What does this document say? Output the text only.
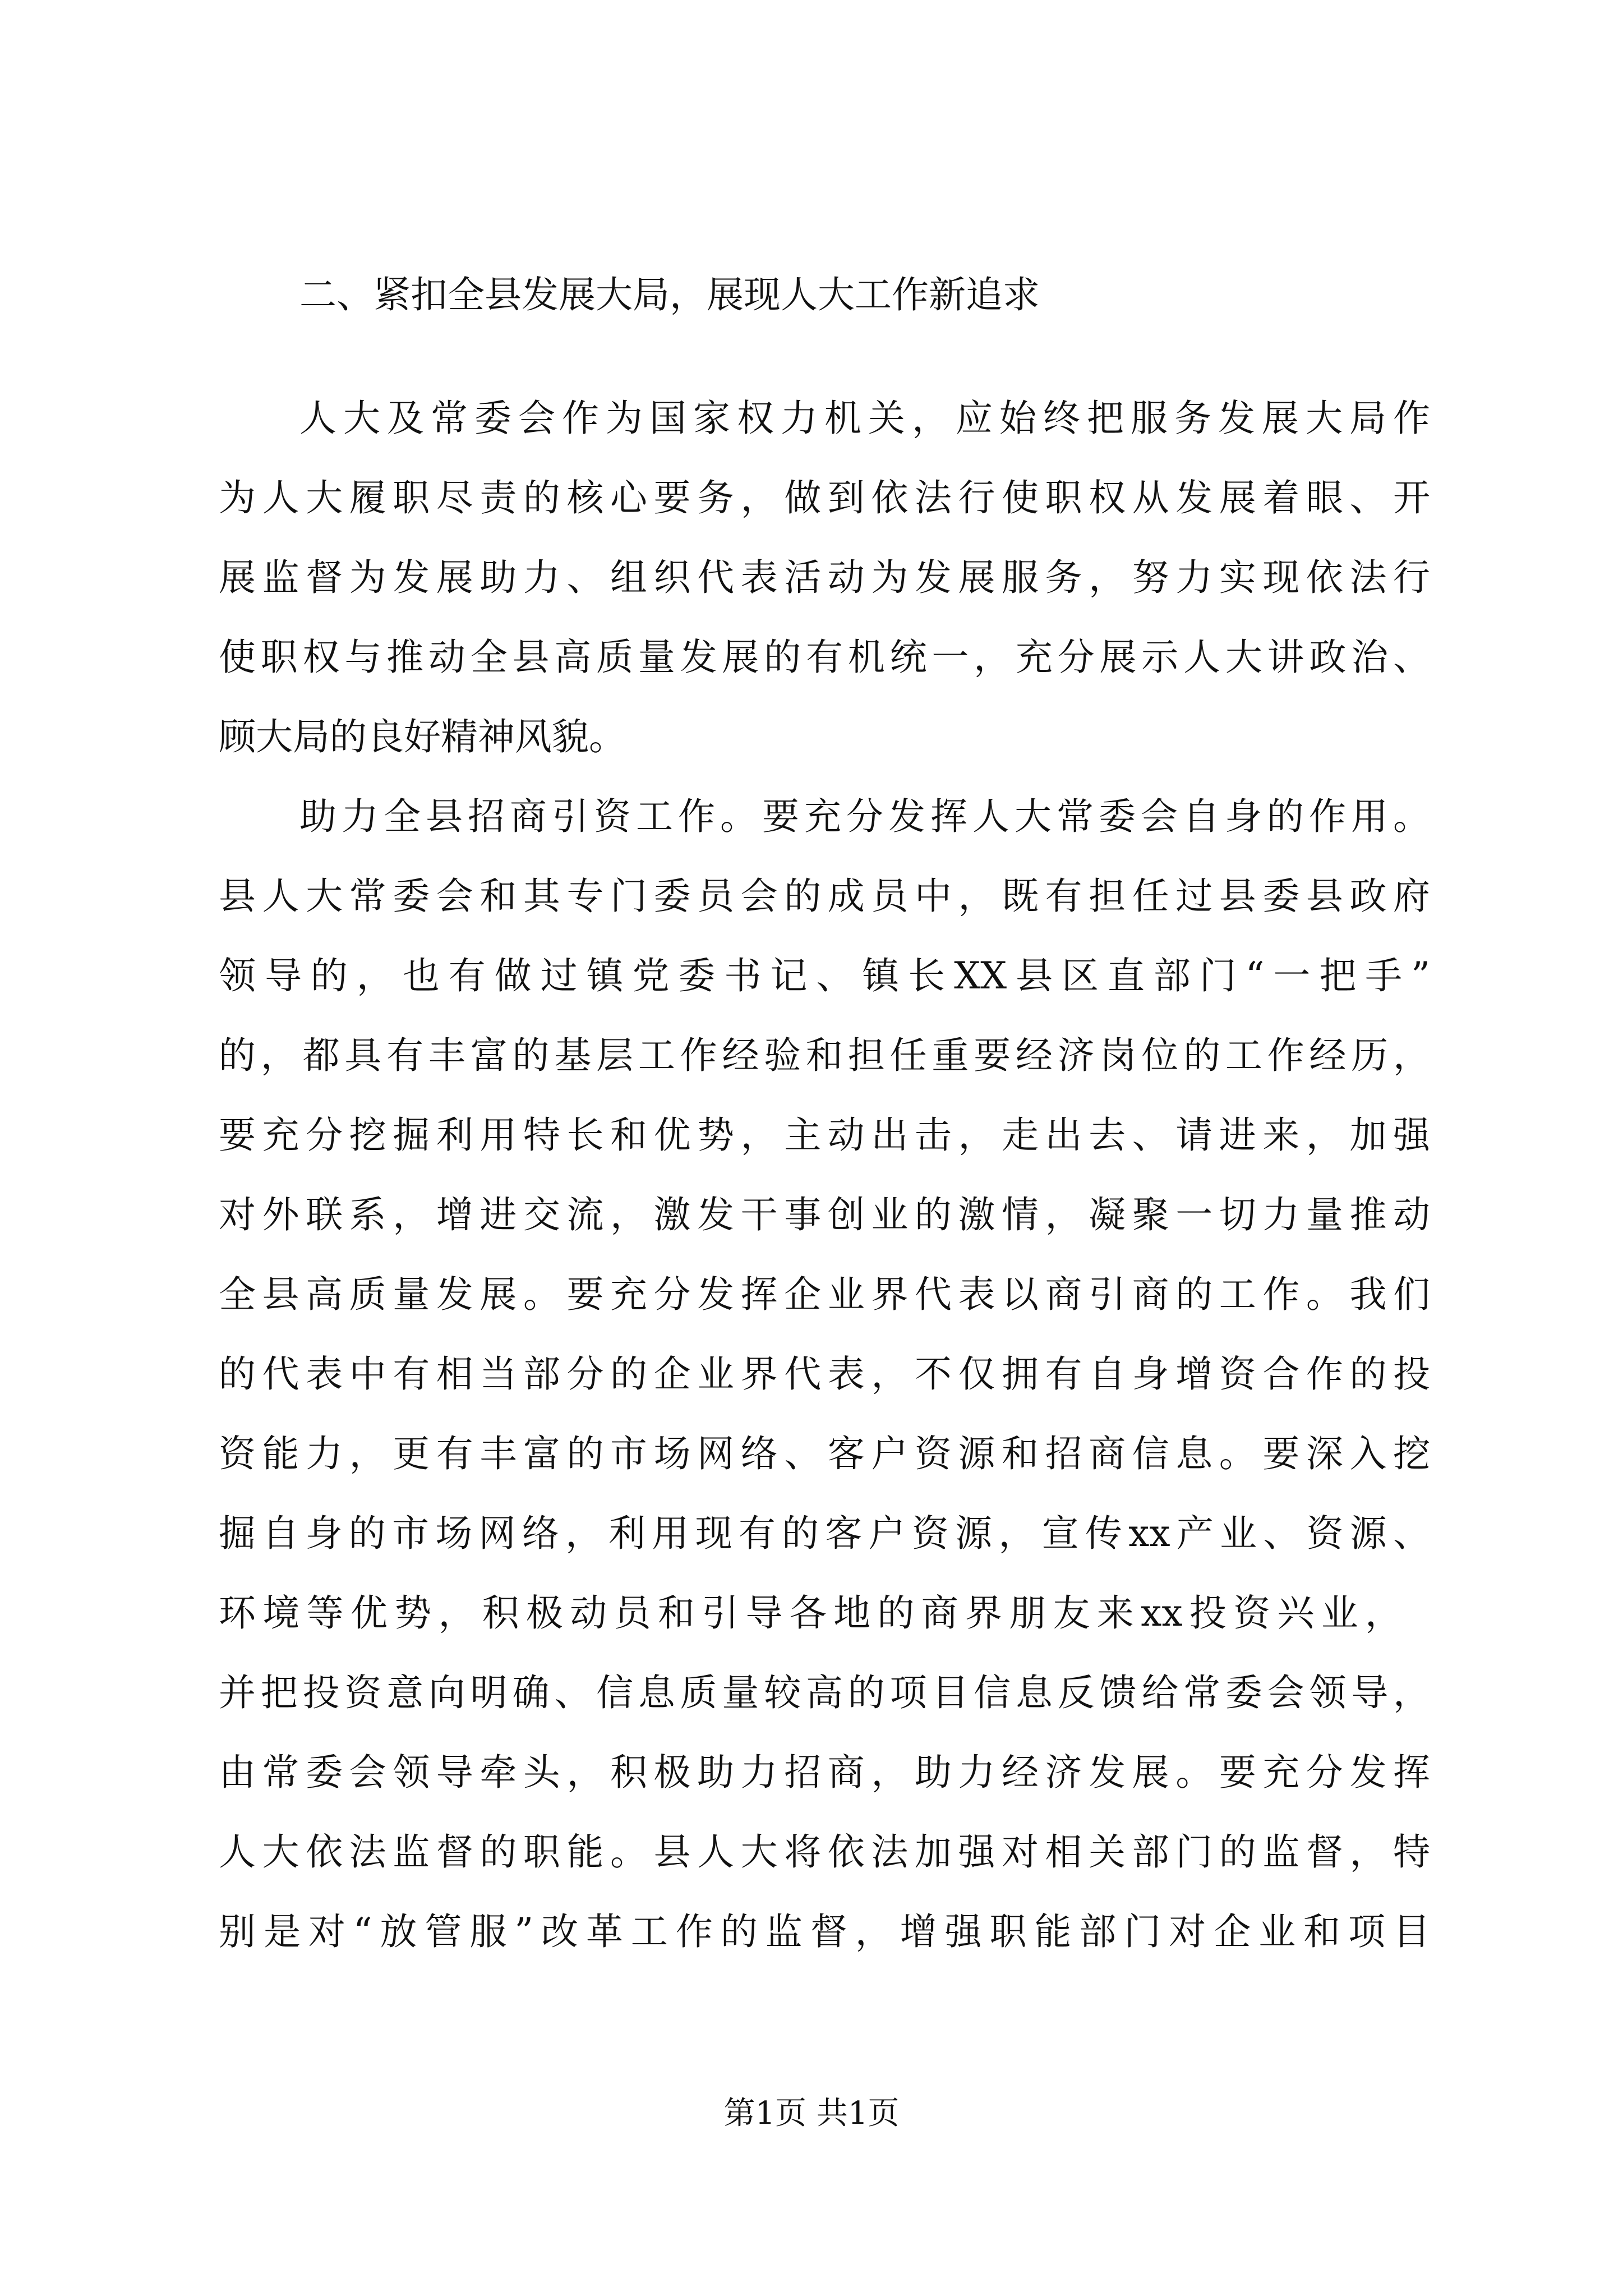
二、紧扣全县发展大局，展现人大工作新追求
人大及常委会作为国家权力机关，应始终把服务发展大局作
为人大履职尽责的核心要务，做到依法行使职权从发展着眼、开
展监督为发展助力、组织代表活动为发展服务，努力实现依法行
使职权与推动全县高质量发展的有机统一，充分展示人大讲政治、
顾大局的良好精神风貌。
助力全县招商引资工作。要充分发挥人大常委会自身的作用。
县人大常委会和其专门委员会的成员中，既有担任过县委县政府
领导的，也有做过镇党委书记、镇长XX县区直部门“一把手”
的，都具有丰富的基层工作经验和担任重要经济岗位的工作经历，
要充分挖掘利用特长和优势，主动出击，走出去、请进来，加强
对外联系，增进交流，激发干事创业的激情，凝聚一切力量推动
全县高质量发展。要充分发挥企业界代表以商引商的工作。我们
的代表中有相当部分的企业界代表，不仅拥有自身增资合作的投
资能力，更有丰富的市场网络、客户资源和招商信息。要深入挖
掘自身的市场网络，利用现有的客户资源，宣传xx产业、资源、
环境等优势，积极动员和引导各地的商界朋友来xx投资兴业，
并把投资意向明确、信息质量较高的项目信息反馈给常委会领导，
由常委会领导牵头，积极助力招商，助力经济发展。要充分发挥
人大依法监督的职能。县人大将依法加强对相关部门的监督，特
别是对“放管服”改革工作的监督，增强职能部门对企业和项目
第1页 共1页
